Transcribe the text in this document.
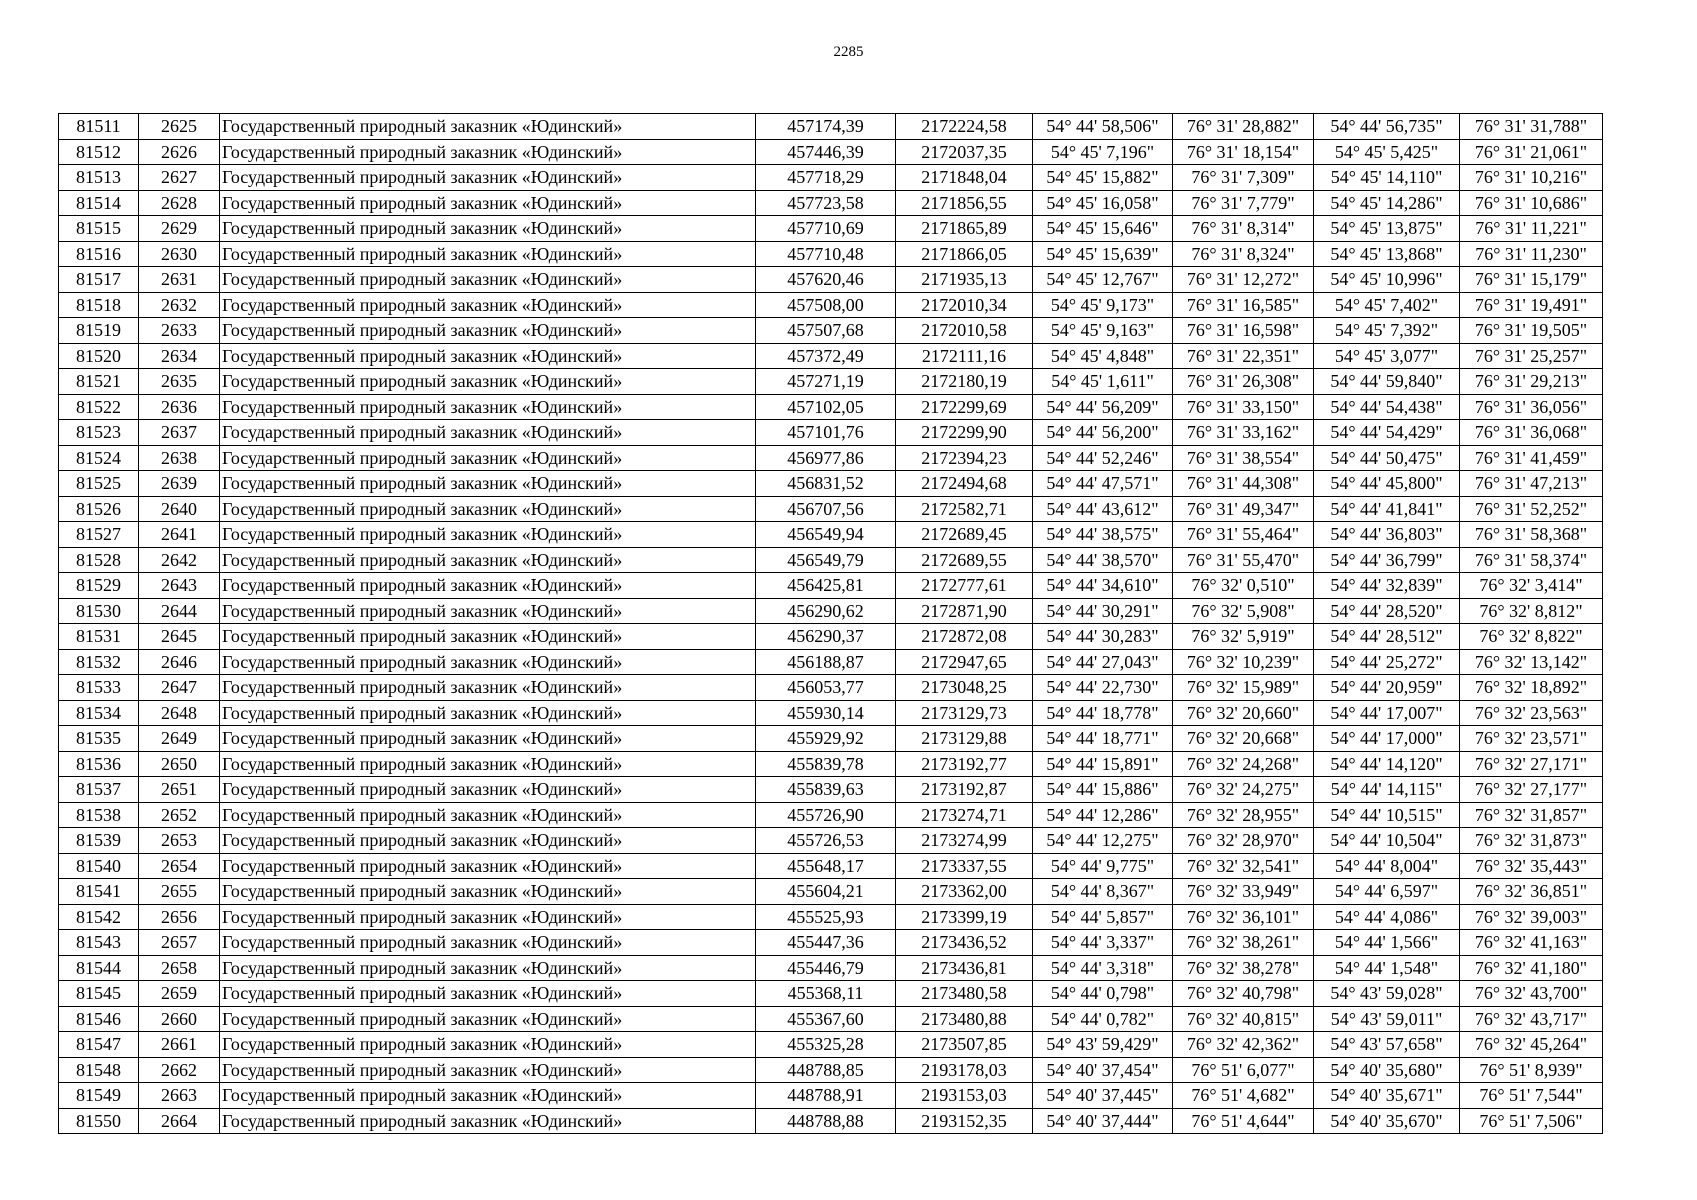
2285
81511	2625	Государственный природный заказник «Юдинский»	457174,39	2172224,58	54° 44' 58,506"	76° 31' 28,882"	54° 44' 56,735"	76° 31' 31,788"
81512	2626	Государственный природный заказник «Юдинский»	457446,39	2172037,35	54° 45' 7,196"	76° 31' 18,154"	54° 45' 5,425"	76° 31' 21,061"
81513	2627	Государственный природный заказник «Юдинский»	457718,29	2171848,04	54° 45' 15,882"	76° 31' 7,309"	54° 45' 14,110"	76° 31' 10,216"
81514	2628	Государственный природный заказник «Юдинский»	457723,58	2171856,55	54° 45' 16,058"	76° 31' 7,779"	54° 45' 14,286"	76° 31' 10,686"
81515	2629	Государственный природный заказник «Юдинский»	457710,69	2171865,89	54° 45' 15,646"	76° 31' 8,314"	54° 45' 13,875"	76° 31' 11,221"
81516	2630	Государственный природный заказник «Юдинский»	457710,48	2171866,05	54° 45' 15,639"	76° 31' 8,324"	54° 45' 13,868"	76° 31' 11,230"
81517	2631	Государственный природный заказник «Юдинский»	457620,46	2171935,13	54° 45' 12,767"	76° 31' 12,272"	54° 45' 10,996"	76° 31' 15,179"
81518	2632	Государственный природный заказник «Юдинский»	457508,00	2172010,34	54° 45' 9,173"	76° 31' 16,585"	54° 45' 7,402"	76° 31' 19,491"
81519	2633	Государственный природный заказник «Юдинский»	457507,68	2172010,58	54° 45' 9,163"	76° 31' 16,598"	54° 45' 7,392"	76° 31' 19,505"
81520	2634	Государственный природный заказник «Юдинский»	457372,49	2172111,16	54° 45' 4,848"	76° 31' 22,351"	54° 45' 3,077"	76° 31' 25,257"
81521	2635	Государственный природный заказник «Юдинский»	457271,19	2172180,19	54° 45' 1,611"	76° 31' 26,308"	54° 44' 59,840"	76° 31' 29,213"
81522	2636	Государственный природный заказник «Юдинский»	457102,05	2172299,69	54° 44' 56,209"	76° 31' 33,150"	54° 44' 54,438"	76° 31' 36,056"
81523	2637	Государственный природный заказник «Юдинский»	457101,76	2172299,90	54° 44' 56,200"	76° 31' 33,162"	54° 44' 54,429"	76° 31' 36,068"
81524	2638	Государственный природный заказник «Юдинский»	456977,86	2172394,23	54° 44' 52,246"	76° 31' 38,554"	54° 44' 50,475"	76° 31' 41,459"
81525	2639	Государственный природный заказник «Юдинский»	456831,52	2172494,68	54° 44' 47,571"	76° 31' 44,308"	54° 44' 45,800"	76° 31' 47,213"
81526	2640	Государственный природный заказник «Юдинский»	456707,56	2172582,71	54° 44' 43,612"	76° 31' 49,347"	54° 44' 41,841"	76° 31' 52,252"
81527	2641	Государственный природный заказник «Юдинский»	456549,94	2172689,45	54° 44' 38,575"	76° 31' 55,464"	54° 44' 36,803"	76° 31' 58,368"
81528	2642	Государственный природный заказник «Юдинский»	456549,79	2172689,55	54° 44' 38,570"	76° 31' 55,470"	54° 44' 36,799"	76° 31' 58,374"
81529	2643	Государственный природный заказник «Юдинский»	456425,81	2172777,61	54° 44' 34,610"	76° 32' 0,510"	54° 44' 32,839"	76° 32' 3,414"
81530	2644	Государственный природный заказник «Юдинский»	456290,62	2172871,90	54° 44' 30,291"	76° 32' 5,908"	54° 44' 28,520"	76° 32' 8,812"
81531	2645	Государственный природный заказник «Юдинский»	456290,37	2172872,08	54° 44' 30,283"	76° 32' 5,919"	54° 44' 28,512"	76° 32' 8,822"
81532	2646	Государственный природный заказник «Юдинский»	456188,87	2172947,65	54° 44' 27,043"	76° 32' 10,239"	54° 44' 25,272"	76° 32' 13,142"
81533	2647	Государственный природный заказник «Юдинский»	456053,77	2173048,25	54° 44' 22,730"	76° 32' 15,989"	54° 44' 20,959"	76° 32' 18,892"
81534	2648	Государственный природный заказник «Юдинский»	455930,14	2173129,73	54° 44' 18,778"	76° 32' 20,660"	54° 44' 17,007"	76° 32' 23,563"
81535	2649	Государственный природный заказник «Юдинский»	455929,92	2173129,88	54° 44' 18,771"	76° 32' 20,668"	54° 44' 17,000"	76° 32' 23,571"
81536	2650	Государственный природный заказник «Юдинский»	455839,78	2173192,77	54° 44' 15,891"	76° 32' 24,268"	54° 44' 14,120"	76° 32' 27,171"
81537	2651	Государственный природный заказник «Юдинский»	455839,63	2173192,87	54° 44' 15,886"	76° 32' 24,275"	54° 44' 14,115"	76° 32' 27,177"
81538	2652	Государственный природный заказник «Юдинский»	455726,90	2173274,71	54° 44' 12,286"	76° 32' 28,955"	54° 44' 10,515"	76° 32' 31,857"
81539	2653	Государственный природный заказник «Юдинский»	455726,53	2173274,99	54° 44' 12,275"	76° 32' 28,970"	54° 44' 10,504"	76° 32' 31,873"
81540	2654	Государственный природный заказник «Юдинский»	455648,17	2173337,55	54° 44' 9,775"	76° 32' 32,541"	54° 44' 8,004"	76° 32' 35,443"
81541	2655	Государственный природный заказник «Юдинский»	455604,21	2173362,00	54° 44' 8,367"	76° 32' 33,949"	54° 44' 6,597"	76° 32' 36,851"
81542	2656	Государственный природный заказник «Юдинский»	455525,93	2173399,19	54° 44' 5,857"	76° 32' 36,101"	54° 44' 4,086"	76° 32' 39,003"
81543	2657	Государственный природный заказник «Юдинский»	455447,36	2173436,52	54° 44' 3,337"	76° 32' 38,261"	54° 44' 1,566"	76° 32' 41,163"
81544	2658	Государственный природный заказник «Юдинский»	455446,79	2173436,81	54° 44' 3,318"	76° 32' 38,278"	54° 44' 1,548"	76° 32' 41,180"
81545	2659	Государственный природный заказник «Юдинский»	455368,11	2173480,58	54° 44' 0,798"	76° 32' 40,798"	54° 43' 59,028"	76° 32' 43,700"
81546	2660	Государственный природный заказник «Юдинский»	455367,60	2173480,88	54° 44' 0,782"	76° 32' 40,815"	54° 43' 59,011"	76° 32' 43,717"
81547	2661	Государственный природный заказник «Юдинский»	455325,28	2173507,85	54° 43' 59,429"	76° 32' 42,362"	54° 43' 57,658"	76° 32' 45,264"
81548	2662	Государственный природный заказник «Юдинский»	448788,85	2193178,03	54° 40' 37,454"	76° 51' 6,077"	54° 40' 35,680"	76° 51' 8,939"
81549	2663	Государственный природный заказник «Юдинский»	448788,91	2193153,03	54° 40' 37,445"	76° 51' 4,682"	54° 40' 35,671"	76° 51' 7,544"
81550	2664	Государственный природный заказник «Юдинский»	448788,88	2193152,35	54° 40' 37,444"	76° 51' 4,644"	54° 40' 35,670"	76° 51' 7,506"
